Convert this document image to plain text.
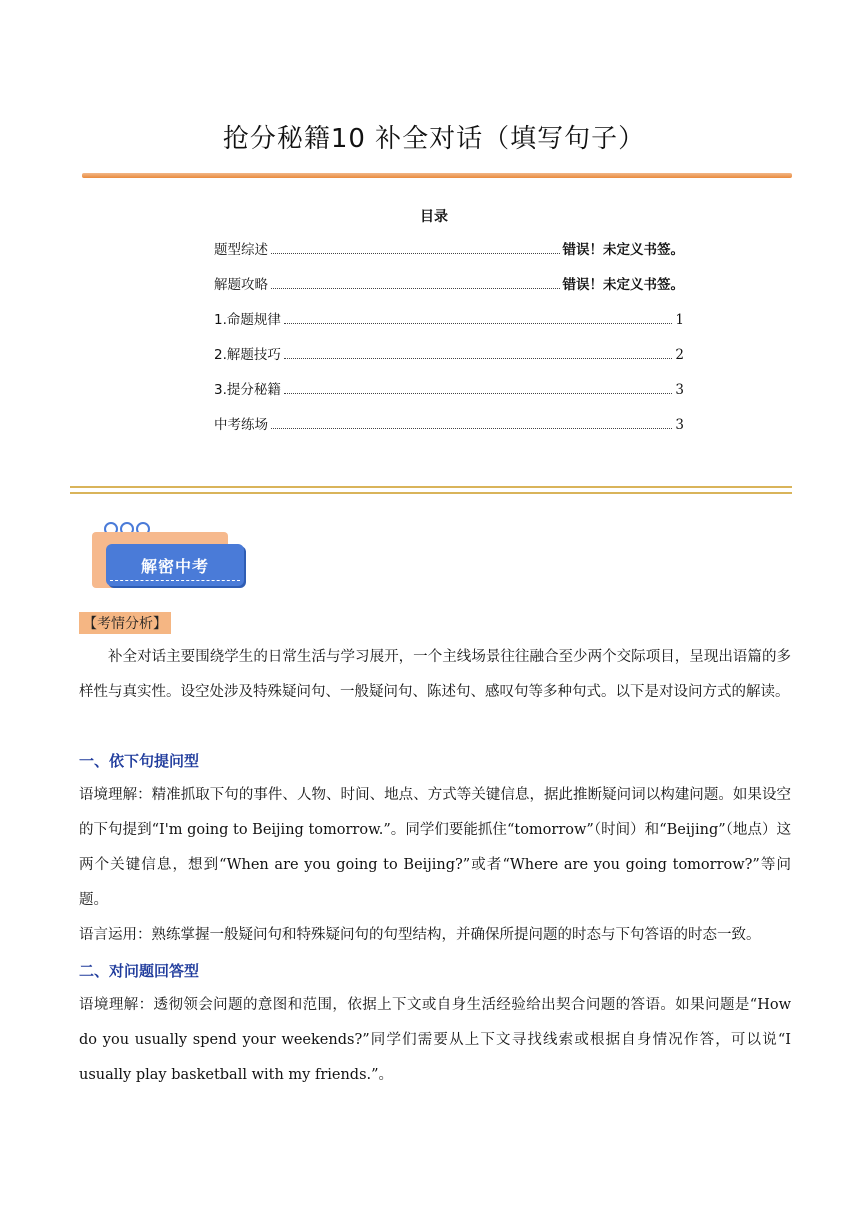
抢分秘籍10 补全对话（填写句子）
目录
题型综述	错误！未定义书签。
解题攻略	错误！未定义书签。
1.命题规律	1
2.解题技巧	2
3.提分秘籍	3
中考练场	3
解密中考
【考情分析】
补全对话主要围绕学生的日常生活与学习展开，一个主线场景往往融合至少两个交际项目，呈现出语篇的多样性与真实性。设空处涉及特殊疑问句、一般疑问句、陈述句、感叹句等多种句式。以下是对设问方式的解读。
一、依下句提问型
语境理解：精准抓取下句的事件、人物、时间、地点、方式等关键信息，据此推断疑问词以构建问题。如果设空的下句提到“I'm going to Beijing tomorrow.”。同学们要能抓住“tomorrow”（时间）和“Beijing”（地点）这两个关键信息，想到“When are you going to Beijing?”或者“Where are you going tomorrow?”等问题。
语言运用：熟练掌握一般疑问句和特殊疑问句的句型结构，并确保所提问题的时态与下句答语的时态一致。
二、对问题回答型
语境理解：透彻领会问题的意图和范围，依据上下文或自身生活经验给出契合问题的答语。如果问题是“How do you usually spend your weekends?”同学们需要从上下文寻找线索或根据自身情况作答，可以说“I usually play basketball with my friends.”。
